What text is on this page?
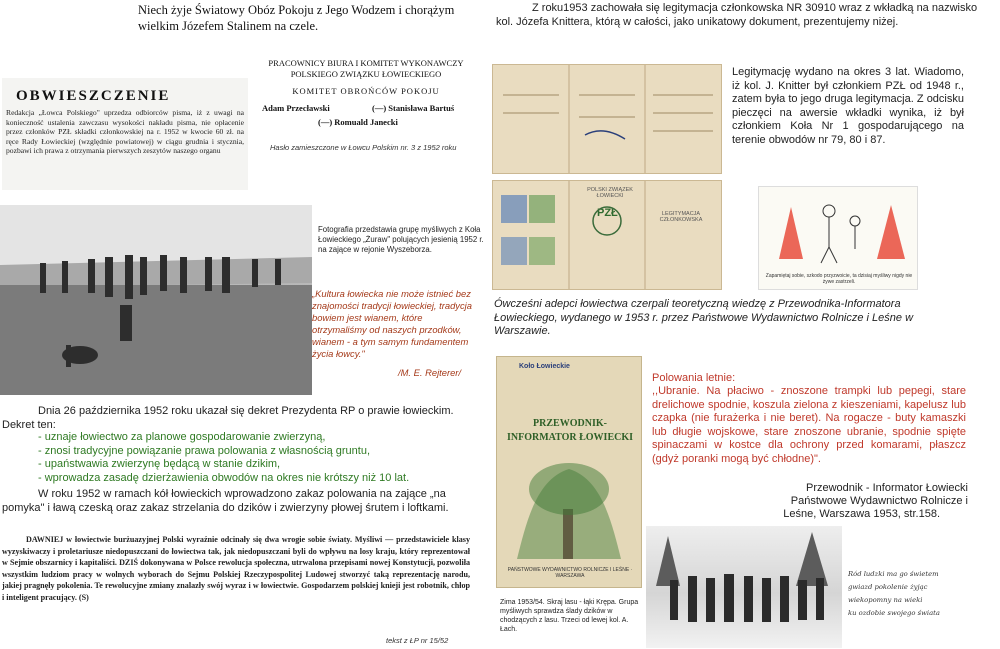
Niech żyje Światowy Obóz Pokoju z Jego Wodzem i chorążym wielkim Józefem Stalinem na czele.
OBWIESZCZENIE
Redakcja „Łowca Polskiego" uprzedza odbiorców pisma, iż z uwagi na konieczność ustalenia zawczasu wysokości nakładu pisma, nie opłacenie przez członków PZŁ składki członkowskiej na r. 1952 w kwocie 60 zł. na ręce Rady Łowieckiej (względnie powiatowej) w ciągu grudnia i stycznia, pozbawi ich prawa z otrzymania pierwszych zeszytów naszego organu
PRACOWNICY BIURA I KOMITET WYKONAWCZY POLSKIEGO ZWIĄZKU ŁOWIECKIEGO
KOMITET OBROŃCÓW POKOJU
Adam Przecławski	(—) Stanisława Bartuś
(—) Romuald Janecki
Hasło zamieszczone w Łowcu Polskim nr. 3 z 1952 roku
Fotografia przedstawia grupę myśliwych z Koła Łowieckiego „Żuraw" polujących jesienią 1952 r. na zające w rejonie Wyszeborza.
„Kultura łowiecka nie może istnieć bez znajomości tradycji łowieckiej, tradycja bowiem jest wianem, które otrzymaliśmy od naszych przodków, wianem - a tym samym fundamentem życia łowcy."
/M. E. Rejterer/
Dnia 26 października 1952 roku ukazał się dekret Prezydenta RP o prawie łowieckim. Dekret ten:
- uznaje łowiectwo za planowe gospodarowanie zwierzyną,
- znosi tradycyjne powiązanie prawa polowania z własnością gruntu,
- upaństwawia zwierzynę będącą w stanie dzikim,
- wprowadza zasadę dzierżawienia obwodów na okres nie krótszy niż 10 lat.
W roku 1952 w ramach kół łowieckich wprowadzono zakaz polowania na zające „na pomyka" i ławą czeską oraz zakaz strzelania do dzików i zwierzyny płowej śrutem i loftkami.
DAWNIEJ w łowiectwie burżuazyjnej Polski wyraźnie odcinały się dwa wrogie sobie światy. Myśliwi — przedstawiciele klasy wyzyskiwaczy i proletariusze niedopuszczani do łowiectwa tak, jak niedopuszczani byli do wpływu na losy kraju, który reprezentował w Sejmie obszarnicy i kapitaliści. DZIŚ dokonywana w Polsce rewolucja społeczna, utrwalona przepisami nowej Konstytucji, pozwoliła wszystkim ludziom pracy w wolnych wyborach do Sejmu Polskiej Rzeczypospolitej Ludowej stworzyć taką reprezentację narodu, jakiej pragnęły pokolenia. Te rewolucyjne zmiany znalazły swój wyraz i w łowiectwie. Gospodarzem polskiej knieji jest robotnik, chłop i inteligent pracujący. (S)
tekst z ŁP nr 15/52
Z roku1953 zachowała się legitymacja członkowska NR 30910 wraz z wkładką na nazwisko kol. Józefa Knittera, którą w całości, jako unikatowy dokument, prezentujemy niżej.
POLSKI ZWIĄZEK ŁOWIECKI
LEGITYMACJA CZŁONKOWSKA
PZŁ
Legitymację wydano na okres 3 lat. Wiadomo, iż kol. J. Knitter był członkiem PZŁ od 1948 r., zatem była to jego druga legitymacja. Z odcisku pieczęci na awersie wkładki wynika, iż był członkiem Koła Nr 1 gospodarującego na terenie obwodów nr 79, 80 i 87.
Zapamiętaj sobie, szkodo przyzwoicie, ta dzisiaj myśliwy nigdy nie żywe zastrzeli.
Ówcześni adepci łowiectwa czerpali teoretyczną wiedzę z Przewodnika-Informatora Łowieckiego, wydanego w 1953 r. przez Państwowe Wydawnictwo Rolnicze i Leśne w Warszawie.
Koło Łowieckie
PRZEWODNIK-INFORMATOR ŁOWIECKI
PAŃSTWOWE WYDAWNICTWO ROLNICZE I LEŚNE · WARSZAWA
Polowania letnie:
,,Ubranie. Na płaciwo - znoszone trampki lub pepegi, stare drelichowe spodnie, koszula zielona z kieszeniami, kapelusz lub czapka (nie furażerka i nie beret). Na rogacze - buty kamaszki lub długie wojskowe, stare znoszone ubranie, spodnie spięte spinaczami w kostce dla ochrony przed komarami, płaszcz (gdyż poranki mogą być chłodne)".
Przewodnik - Informator Łowiecki
Państwowe Wydawnictwo Rolnicze i
Leśne, Warszawa 1953, str.158.
Zima 1953/54. Skraj lasu - łąki Krępa. Grupa myśliwych sprawdza ślady dzików w chodzących z lasu. Trzeci od lewej kol. A. Łach.
Ród ludzki ma go świetem
gwiazd pokolenie żyjąc
wiekopomny na wieki
ku ozdobie swojego świata
